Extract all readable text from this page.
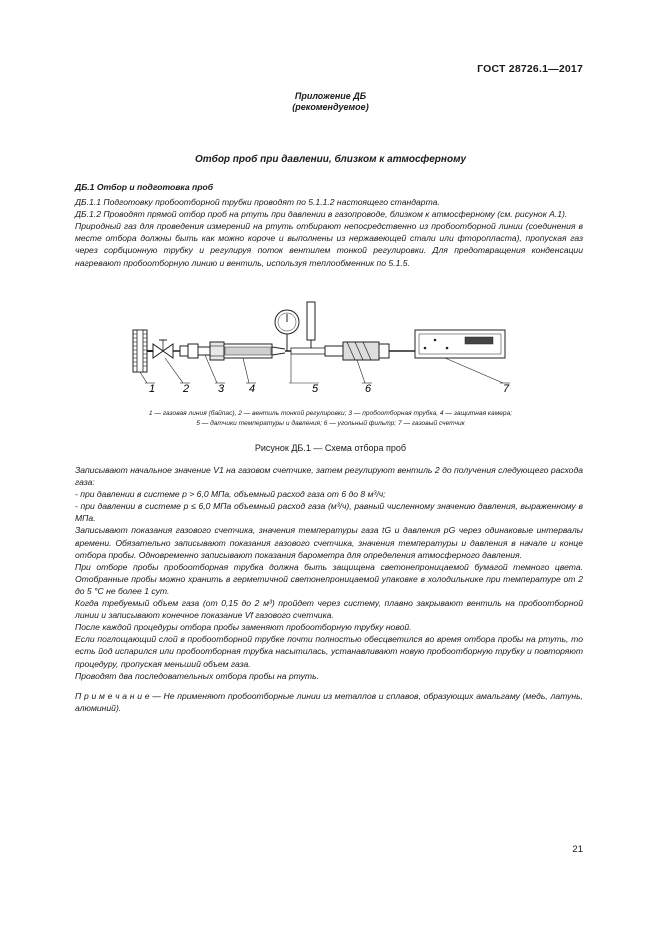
ГОСТ 28726.1—2017
Приложение ДБ
(рекомендуемое)
Отбор проб при давлении, близком к атмосферному
ДБ.1 Отбор и подготовка проб

ДБ.1.1 Подготовку пробоотборной трубки проводят по 5.1.1.2 настоящего стандарта.

ДБ.1.2 Проводят прямой отбор проб на ртуть при давлении в газопроводе, близком к атмосферному (см. рисунок А.1).

Природный газ для проведения измерений на ртуть отбирают непосредственно из пробоотборной линии (соединения в месте отбора должны быть как можно короче и выполнены из нержавеющей стали или фторопласта), пропуская газ через сорбционную трубку и регулируя поток вентилем тонкой регулировки. Для предотвращения конденсации нагревают пробоотборную линию и вентиль, используя теплообменник по 5.1.5.

1	2	3 4	5	6	7
1 — газовая линия (байпас), 2 — вентиль тонкой регулировки; 3 — пробоотборная трубка, 4 — защитная камера;
5 — датчики температуры и давления; 6 — угольный фильтр; 7 — газовый счетчик
Рисунок ДБ.1 — Схема отбора проб

Записывают начальное значение V1 на газовом счетчике, затем регулируют вентиль 2 до получения следующего расхода газа:

- при давлении в системе p > 6,0 МПа, объемный расход газа от 6 до 8 м³/ч;

- при давлении в системе p ≤ 6,0 МПа объемный расход газа (м³/ч), равный численному значению давления, выраженному в МПа.

Записывают показания газового счетчика, значения температуры газа tG и давления pG через одинаковые интервалы времени. Обязательно записывают показания газового счетчика, значения температуры и давления в начале и конце отбора пробы. Одновременно записывают показания барометра для определения атмосферного давления.

При отборе пробы пробоотборная трубка должна быть защищена светонепроницаемой бумагой темного цвета. Отобранные пробы можно хранить в герметичной светонепроницаемой упаковке в холодильнике при температуре от 2 до 5 °С не более 1 сут.

Когда требуемый объем газа (от 0,15 до 2 м³) пройдет через систему, плавно закрывают вентиль на пробоотборной линии и записывают конечное показание Vf газового счетчика.

После каждой процедуры отбора пробы заменяют пробоотборную трубку новой.

Если поглощающий слой в пробоотборной трубке почти полностью обесцветился во время отбора пробы на ртуть, то есть йод испарился или пробоотборная трубка насытилась, устанавливают новую пробоотборную трубку и повторяют процедуру, пропуская меньший объем газа.

Проводят два последовательных отбора пробы на ртуть.

П р и м е ч а н и е — Не применяют пробоотборные линии из металлов и сплавов, образующих амальгаму (медь, латунь, алюминий).

21
